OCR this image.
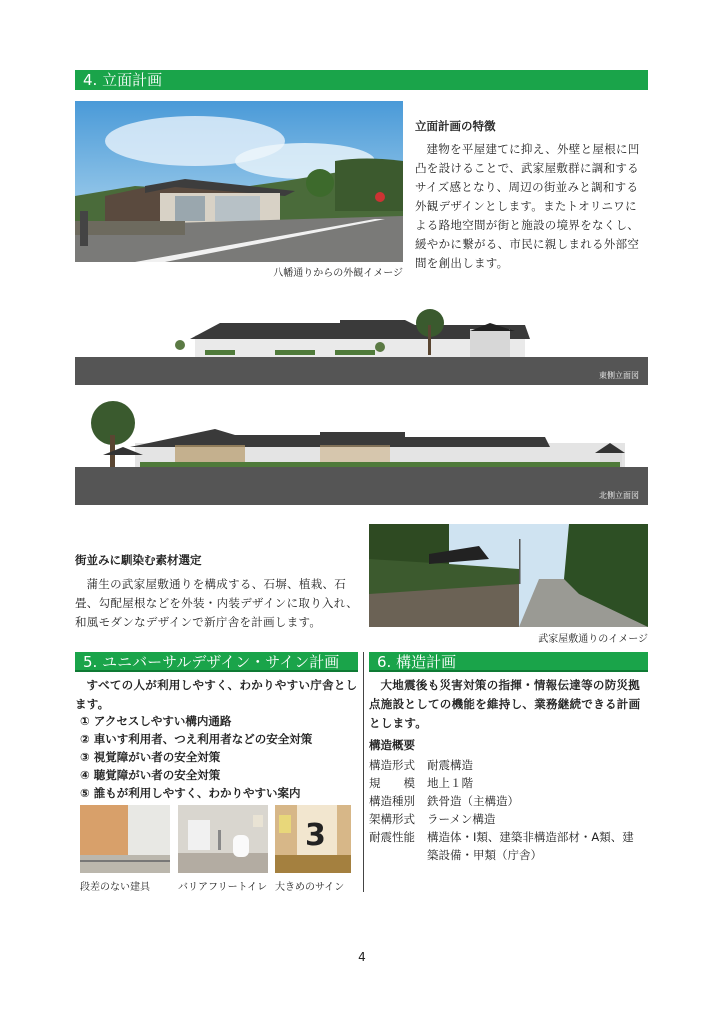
4. 立面計画
八幡通りからの外観イメージ
立面計画の特徴
建物を平屋建てに抑え、外壁と屋根に凹凸を設けることで、武家屋敷群に調和するサイズ感となり、周辺の街並みと調和する外観デザインとします。またトオリニワによる路地空間が街と施設の境界をなくし、緩やかに繋がる、市民に親しまれる外部空間を創出します。
東側立面図
北側立面図
街並みに馴染む素材選定
蒲生の武家屋敷通りを構成する、石塀、植栽、石畳、勾配屋根などを外装・内装デザインに取り入れ、和風モダンなデザインで新庁舎を計画します。
武家屋敷通りのイメージ
5. ユニバーサルデザイン・サイン計画
すべての人が利用しやすく、わかりやすい庁舎とします。
① アクセスしやすい構内通路
② 車いす利用者、つえ利用者などの安全対策
③ 視覚障がい者の安全対策
④ 聴覚障がい者の安全対策
⑤ 誰もが利用しやすく、わかりやすい案内
3
段差のない建具	バリアフリートイレ 大きめのサイン
6. 構造計画
大地震後も災害対策の指揮・情報伝達等の防災拠点施設としての機能を維持し、業務継続できる計画とします。
構造概要
構造形式	耐震構造
規　　模	地上１階
構造種別	鉄骨造（主構造）
架構形式	ラーメン構造
耐震性能	構造体・Ⅰ類、建築非構造部材・A類、建築設備・甲類（庁舎）
4
